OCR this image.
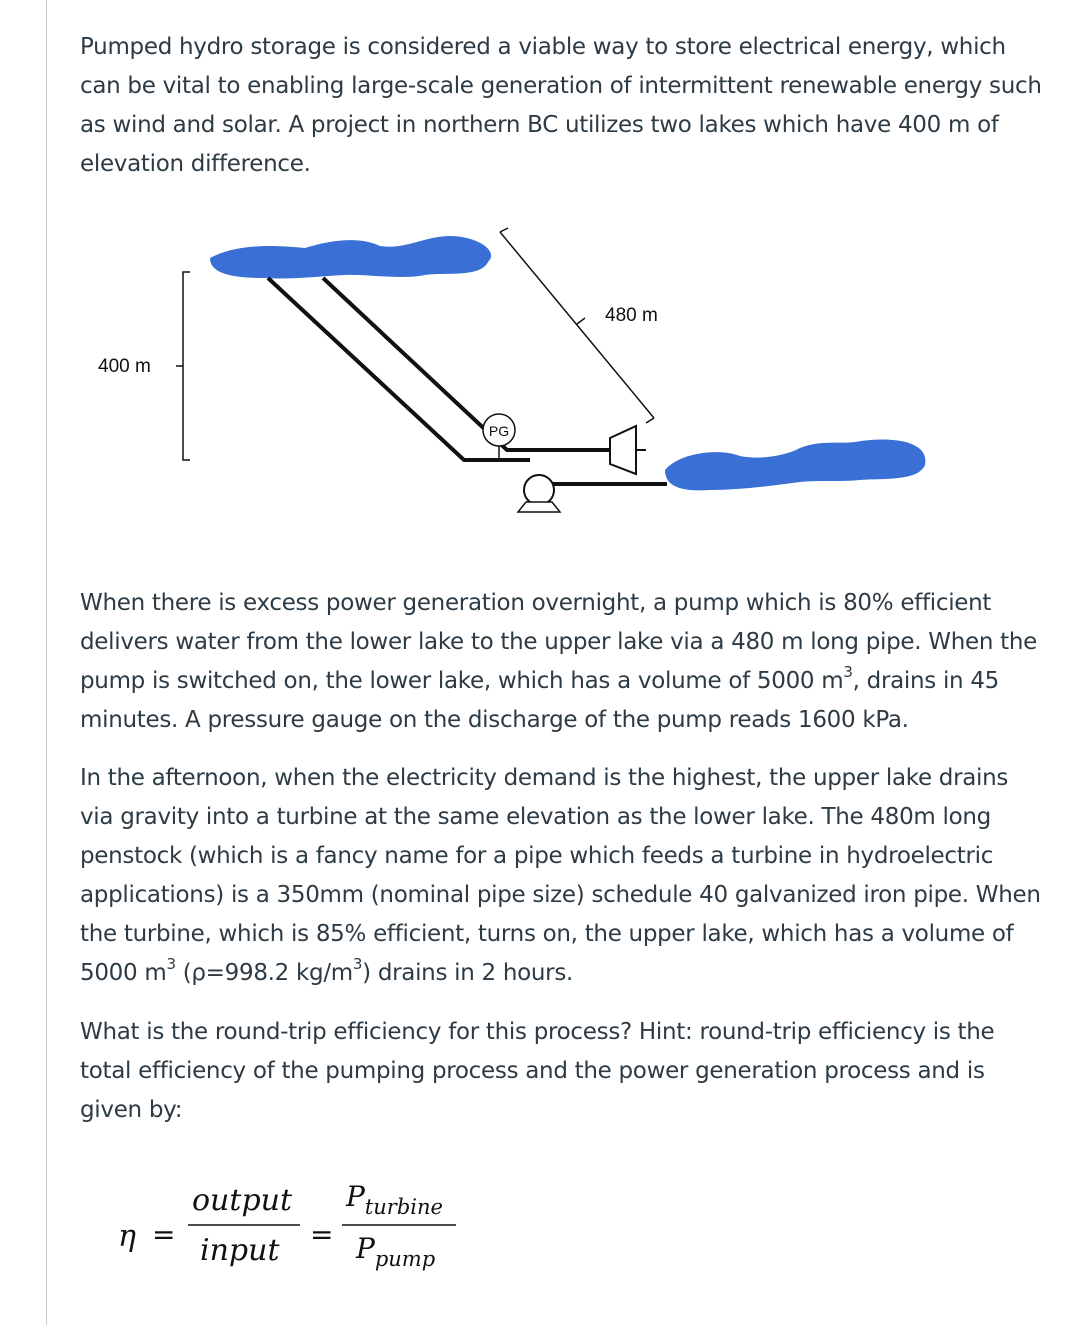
Pumped hydro storage is considered a viable way to store electrical energy, which
can be vital to enabling large-scale generation of intermittent renewable energy such
as wind and solar. A project in northern BC utilizes two lakes which have 400 m of
elevation difference.

400 m
PG
480 m

When there is excess power generation overnight, a pump which is 80% efficient
delivers water from the lower lake to the upper lake via a 480 m long pipe. When the
pump is switched on, the lower lake, which has a volume of 5000 $m^3$, drains in 45
minutes. A pressure gauge on the discharge of the pump reads 1600 kPa.

In the afternoon, when the electricity demand is the highest, the upper lake drains
via gravity into a turbine at the same elevation as the lower lake. The 480m long
penstock (which is a fancy name for a pipe which feeds a turbine in hydroelectric
applications) is a 350mm (nominal pipe size) schedule 40 galvanized iron pipe. When
the turbine, which is 85% efficient, turns on, the upper lake, which has a volume of
5000 $m^3$ (ρ=998.2 $kg/m^3$) drains in 2 hours.

What is the round-trip efficiency for this process? Hint: round-trip efficiency is the
total efficiency of the pumping process and the power generation process and is
given by:

η =
output
input =
$P_{turbine}$
$P_{pump}$
